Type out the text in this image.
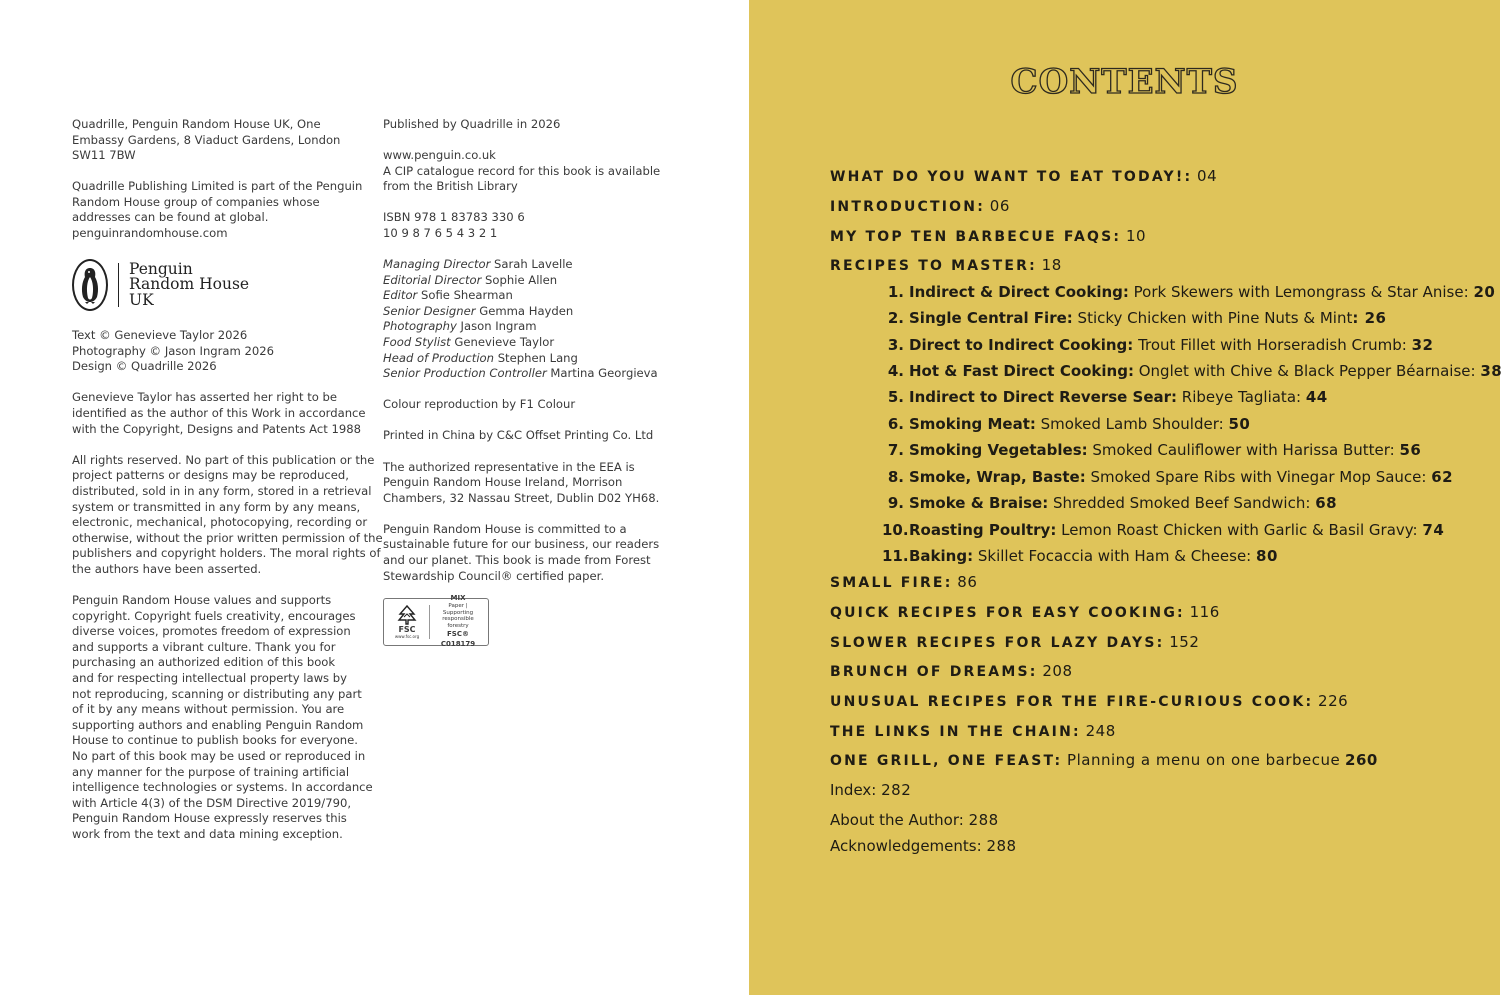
Quadrille, Penguin Random House UK, One
Embassy Gardens, 8 Viaduct Gardens, London
SW11 7BW

Quadrille Publishing Limited is part of the Penguin
Random House group of companies whose
addresses can be found at global.
penguinrandomhouse.com

Penguin
Random House
UK

Text © Genevieve Taylor 2026
Photography © Jason Ingram 2026
Design © Quadrille 2026

Genevieve Taylor has asserted her right to be
identified as the author of this Work in accordance
with the Copyright, Designs and Patents Act 1988

All rights reserved. No part of this publication or the
project patterns or designs may be reproduced,
distributed, sold in in any form, stored in a retrieval
system or transmitted in any form by any means,
electronic, mechanical, photocopying, recording or
otherwise, without the prior written permission of the
publishers and copyright holders. The moral rights of
the authors have been asserted.

Penguin Random House values and supports
copyright. Copyright fuels creativity, encourages
diverse voices, promotes freedom of expression
and supports a vibrant culture. Thank you for
purchasing an authorized edition of this book
and for respecting intellectual property laws by
not reproducing, scanning or distributing any part
of it by any means without permission. You are
supporting authors and enabling Penguin Random
House to continue to publish books for everyone.
No part of this book may be used or reproduced in
any manner for the purpose of training artificial
intelligence technologies or systems. In accordance
with Article 4(3) of the DSM Directive 2019/790,
Penguin Random House expressly reserves this
work from the text and data mining exception.

Published by Quadrille in 2026

www.penguin.co.uk
A CIP catalogue record for this book is available
from the British Library

ISBN 978 1 83783 330 6
10 9 8 7 6 5 4 3 2 1

Managing Director Sarah Lavelle
Editorial Director Sophie Allen
Editor Sofie Shearman
Senior Designer Gemma Hayden
Photography Jason Ingram
Food Stylist Genevieve Taylor
Head of Production Stephen Lang
Senior Production Controller Martina Georgieva

Colour reproduction by F1 Colour

Printed in China by C&C Offset Printing Co. Ltd

The authorized representative in the EEA is
Penguin Random House Ireland, Morrison
Chambers, 32 Nassau Street, Dublin D02 YH68.

Penguin Random House is committed to a
sustainable future for our business, our readers
and our planet. This book is made from Forest
Stewardship Council® certified paper.

FSC
www.fsc.org
MIX
Paper | Supporting
responsible forestry
FSC® C018179
CONTENTS
WHAT DO YOU WANT TO EAT TODAY!: 04
INTRODUCTION: 06
MY TOP TEN BARBECUE FAQS: 10
RECIPES TO MASTER: 18
1. Indirect & Direct Cooking: Pork Skewers with Lemongrass & Star Anise: 20
2. Single Central Fire: Sticky Chicken with Pine Nuts & Mint: 26
3. Direct to Indirect Cooking: Trout Fillet with Horseradish Crumb: 32
4. Hot & Fast Direct Cooking: Onglet with Chive & Black Pepper Béarnaise: 38
5. Indirect to Direct Reverse Sear: Ribeye Tagliata: 44
6. Smoking Meat: Smoked Lamb Shoulder: 50
7. Smoking Vegetables: Smoked Cauliflower with Harissa Butter: 56
8. Smoke, Wrap, Baste: Smoked Spare Ribs with Vinegar Mop Sauce: 62
9. Smoke & Braise: Shredded Smoked Beef Sandwich: 68
10.Roasting Poultry: Lemon Roast Chicken with Garlic & Basil Gravy: 74
11.Baking: Skillet Focaccia with Ham & Cheese: 80
SMALL FIRE: 86
QUICK RECIPES FOR EASY COOKING: 116
SLOWER RECIPES FOR LAZY DAYS: 152
BRUNCH OF DREAMS: 208
UNUSUAL RECIPES FOR THE FIRE-CURIOUS COOK: 226
THE LINKS IN THE CHAIN: 248
ONE GRILL, ONE FEAST: Planning a menu on one barbecue 260
Index: 282
About the Author: 288
Acknowledgements: 288
